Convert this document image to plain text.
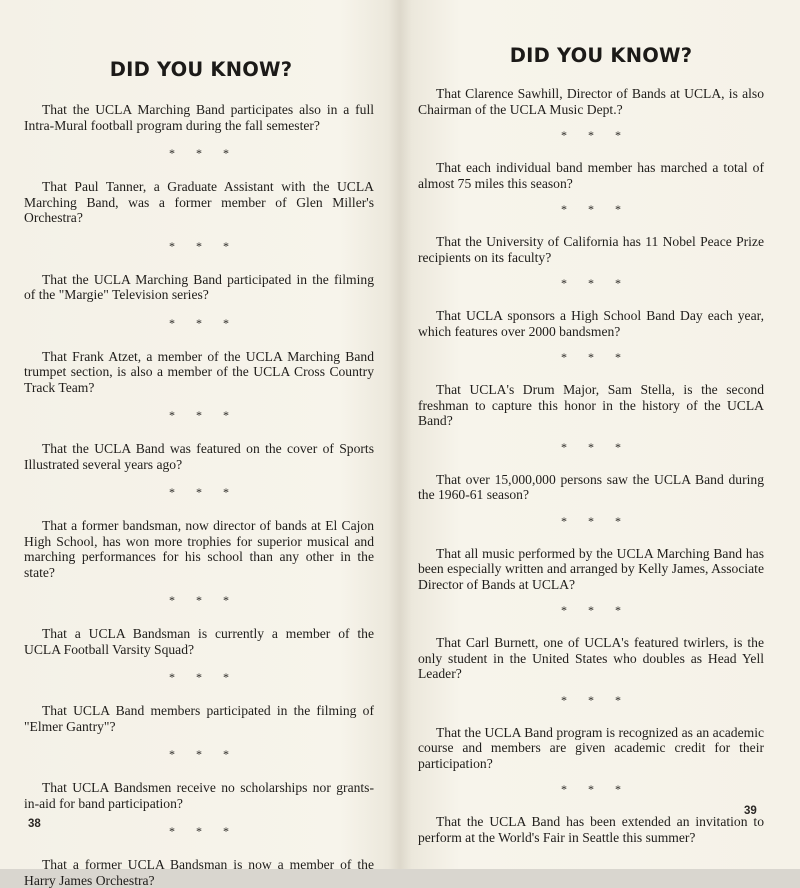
DID YOU KNOW?

That the UCLA Marching Band participates also in a full Intra-Mural football program during the fall semester?

* * *

That Paul Tanner, a Graduate Assistant with the UCLA Marching Band, was a former member of Glen Miller's Orchestra?

* * *

That the UCLA Marching Band participated in the filming of the "Margie" Television series?

* * *

That Frank Atzet, a member of the UCLA Marching Band trumpet section, is also a member of the UCLA Cross Country Track Team?

* * *

That the UCLA Band was featured on the cover of Sports Illustrated several years ago?

* * *

That a former bandsman, now director of bands at El Cajon High School, has won more trophies for superior musical and marching performances for his school than any other in the state?

* * *

That a UCLA Bandsman is currently a member of the UCLA Football Varsity Squad?

* * *

That UCLA Band members participated in the filming of "Elmer Gantry"?

* * *

That UCLA Bandsmen receive no scholarships nor grants-in-aid for band participation?

* * *

That a former UCLA Bandsman is now a member of the Harry James Orchestra?

38
DID YOU KNOW?

That Clarence Sawhill, Director of Bands at UCLA, is also Chairman of the UCLA Music Dept.?

* * *

That each individual band member has marched a total of almost 75 miles this season?

* * *

That the University of California has 11 Nobel Peace Prize recipients on its faculty?

* * *

That UCLA sponsors a High School Band Day each year, which features over 2000 bandsmen?

* * *

That UCLA's Drum Major, Sam Stella, is the second freshman to capture this honor in the history of the UCLA Band?

* * *

That over 15,000,000 persons saw the UCLA Band during the 1960-61 season?

* * *

That all music performed by the UCLA Marching Band has been especially written and arranged by Kelly James, Associate Director of Bands at UCLA?

* * *

That Carl Burnett, one of UCLA's featured twirlers, is the only student in the United States who doubles as Head Yell Leader?

* * *

That the UCLA Band program is recognized as an academic course and members are given academic credit for their participation?

* * *

That the UCLA Band has been extended an invitation to perform at the World's Fair in Seattle this summer?

39
